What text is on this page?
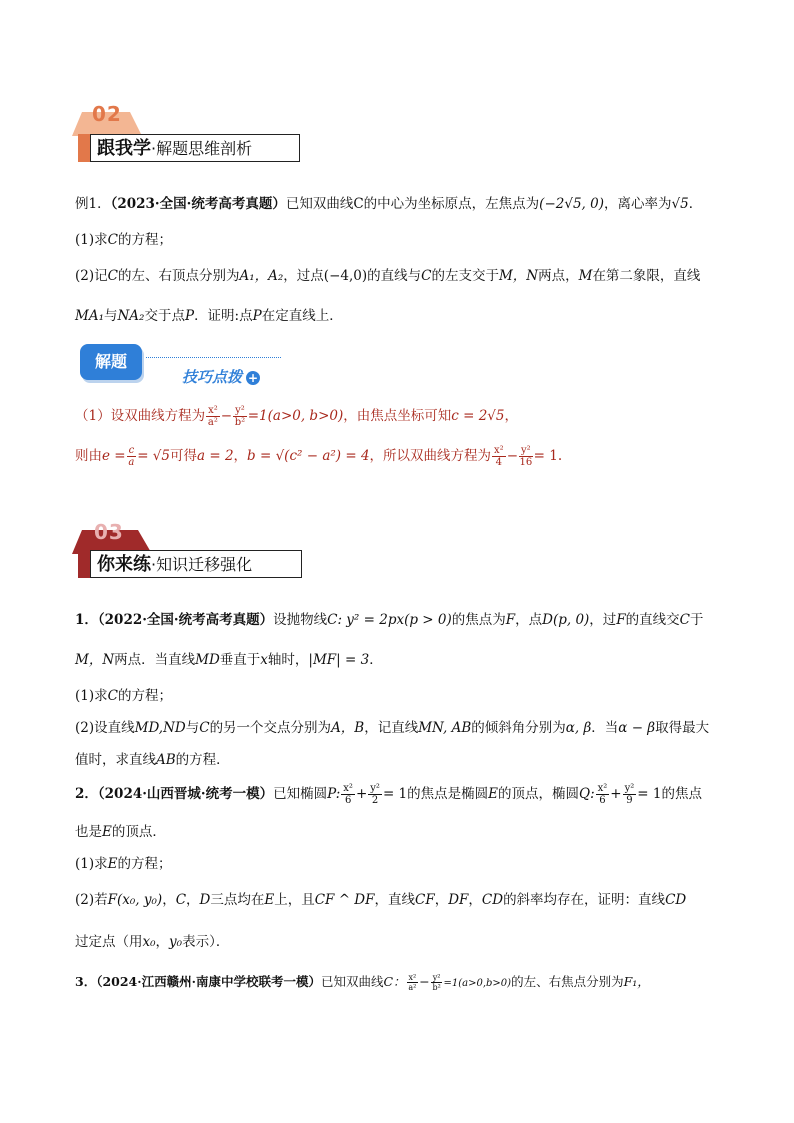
02
跟我学·解题思维剖析
例1．（2023·全国·统考高考真题）已知双曲线C的中心为坐标原点，左焦点为(−2√5, 0)，离心率为√5．
(1)求C的方程；
(2)记C的左、右顶点分别为A₁，A₂，过点(−4,0)的直线与C的左支交于M，N两点，M在第二象限，直线
MA₁与NA₂交于点P．证明:点P在定直线上．
解题
技巧点拨 +
（1）设双曲线方程为 $\frac{\text{x²}}{\text{a²}} - \frac{\text{y²}}{\text{b²}} =1(a>0$, b>0)，由焦点坐标可知c = 2√5，
则由$e = \frac{c}{a} = √5$可得a = 2，b = √(c² − a²) = 4，所以双曲线方程为 $\frac{\text{x²}}{4} - \frac{\text{y²}}{16} = 1$.
03
你来练·知识迁移强化
1．（2022·全国·统考高考真题）设抛物线C: y² = 2px(p > 0)的焦点为F，点D(p, 0)，过F的直线交C于
M，N两点．当直线MD垂直于x轴时，|MF| = 3．
(1)求C的方程；
(2)设直线MD,ND与C的另一个交点分别为A，B，记直线MN, AB的倾斜角分别为α, β．当α − β取得最大
值时，求直线AB的方程．
2．（2024·山西晋城·统考一模）已知椭圆P: $\frac{\text{x²}}{6} + \frac{\text{y²}}{2} = 1$的焦点是椭圆E的顶点，椭圆Q: $\frac{\text{x²}}{6} + \frac{\text{y²}}{9} = 1$的焦点
也是E的顶点．
(1)求E的方程；
(2)若F(x₀, y₀)，C，D三点均在E上，且CF ^ DF，直线CF，DF，CD的斜率均存在，证明：直线CD
过定点（用x₀，y₀表示）．
3．（2024·江西赣州·南康中学校联考一模）已知双曲线C： $\frac{\text{x²}}{\text{a²}} - \frac{\text{y²}}{\text{b²}} =1(a>0,b>0)$的左、右焦点分别为F₁，
